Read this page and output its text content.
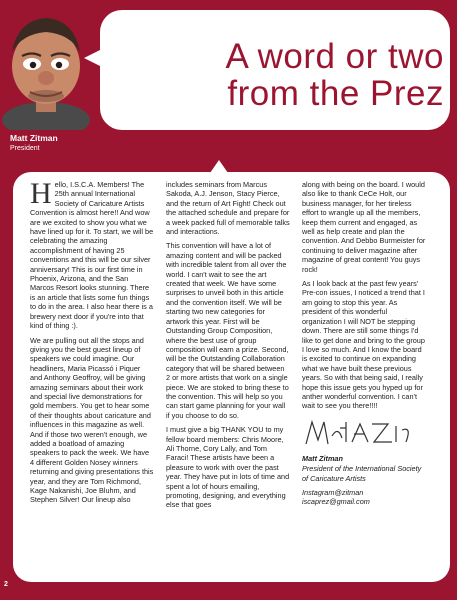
A word or two
from the Prez
Matt Zitman
President

Hello, I.S.C.A. Members! The 25th annual International Society of Caricature Artists Convention is almost here!! And wow are we excited to show you what we have lined up for it. To start, we will be celebrating the amazing accomplishment of having 25 conventions and this will be our silver anniversary! This is our first time in Phoenix, Arizona, and the San Marcos Resort looks stunning. There is an article that lists some fun things to do in the area. I also hear there is a brewery next door if you're into that kind of thing :).

We are pulling out all the stops and giving you the best guest lineup of speakers we could imagine. Our headliners, Maria Picassó i Piquer and Anthony Geoffroy, will be giving amazing seminars about their work and special live demonstrations for gold members. You get to hear some of their thoughts about caricature and influences in this magazine as well. And if those two weren't enough, we added a boatload of amazing speakers to pack the week. We have 4 different Golden Nosey winners returning and giving presentations this year, and they are Tom Richmond, Kage Nakanishi, Joe Bluhm, and Stephen Silver! Our lineup also

includes seminars from Marcus Sakoda, A.J. Jenson, Stacy Pierce, and the return of Art Fight! Check out the attached schedule and prepare for a week packed full of memorable talks and interactions.

This convention will have a lot of amazing content and will be packed with incredible talent from all over the world. I can't wait to see the art created that week. We have some surprises to unveil both in this article and the convention itself. We will be starting two new categories for artwork this year. First will be Outstanding Group Composition, where the best use of group composition will earn a prize. Second, will be the Outstanding Collaboration category that will be shared between 2 or more artists that work on a single piece. We are stoked to bring these to the convention. This will help so you can start game planning for your wall if you choose to do so.

I must give a big THANK YOU to my fellow board members: Chris Moore, Ali Thorne, Cory Lally, and Tom Faraci! These artists have been a pleasure to work with over the past year. They have put in lots of time and spent a lot of hours emailing, promoting, designing, and everything else that goes

along with being on the board. I would also like to thank CeCe Holt, our business manager, for her tireless effort to wrangle up all the members, keep them current and engaged, as well as help create and plan the convention. And Debbo Burmeister for continuing to deliver magazine after magazine of great content! You guys rock!

As I look back at the past few years' Pre-con issues, I noticed a trend that I am going to stop this year. As president of this wonderful organization I will NOT be stepping down. There are still some things I'd like to get done and bring to the group I love so much. And I know the board is excited to continue on expanding what we have built these previous years. So with that being said, I really hope this issue gets you hyped up for anther wonderful convention. I can't wait to see you there!!!!

Matt Zitman
President of the International Society of Caricature Artists
Instagram@zitman
iscaprez@gmail.com
2
